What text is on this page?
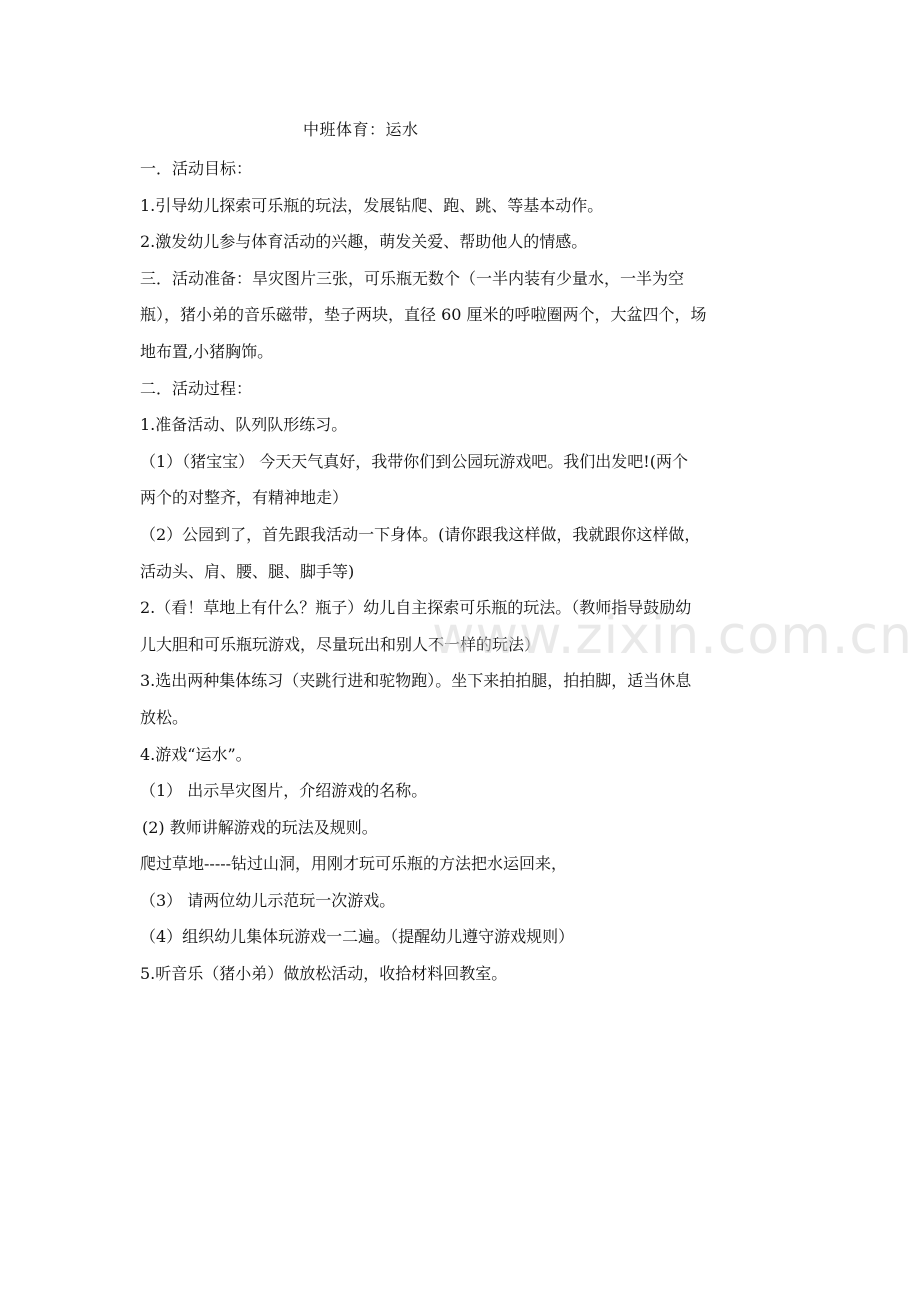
中班体育：运水
一．活动目标：
1.引导幼儿探索可乐瓶的玩法，发展钻爬、跑、跳、等基本动作。
2.激发幼儿参与体育活动的兴趣，萌发关爱、帮助他人的情感。
三．活动准备：旱灾图片三张，可乐瓶无数个（一半内装有少量水，一半为空
瓶），猪小弟的音乐磁带，垫子两块，直径 60 厘米的呼啦圈两个，大盆四个，场
地布置,小猪胸饰。
二．活动过程：
1.准备活动、队列队形练习。
（1）（猪宝宝） 今天天气真好，我带你们到公园玩游戏吧。我们出发吧!(两个
两个的对整齐，有精神地走）
（2）公园到了，首先跟我活动一下身体。(请你跟我这样做，我就跟你这样做，
活动头、肩、腰、腿、脚手等)
2.（看！草地上有什么？瓶子）幼儿自主探索可乐瓶的玩法。（教师指导鼓励幼
儿大胆和可乐瓶玩游戏，尽量玩出和别人不一样的玩法）
3.选出两种集体练习（夹跳行进和驼物跑）。坐下来拍拍腿，拍拍脚，适当休息
放松。
4.游戏“运水”。
（1） 出示旱灾图片，介绍游戏的名称。
(2) 教师讲解游戏的玩法及规则。
爬过草地-----钻过山洞，用刚才玩可乐瓶的方法把水运回来，
（3） 请两位幼儿示范玩一次游戏。
（4）组织幼儿集体玩游戏一二遍。（提醒幼儿遵守游戏规则）
5.听音乐（猪小弟）做放松活动，收拾材料回教室。
www.zixin.com.cn
